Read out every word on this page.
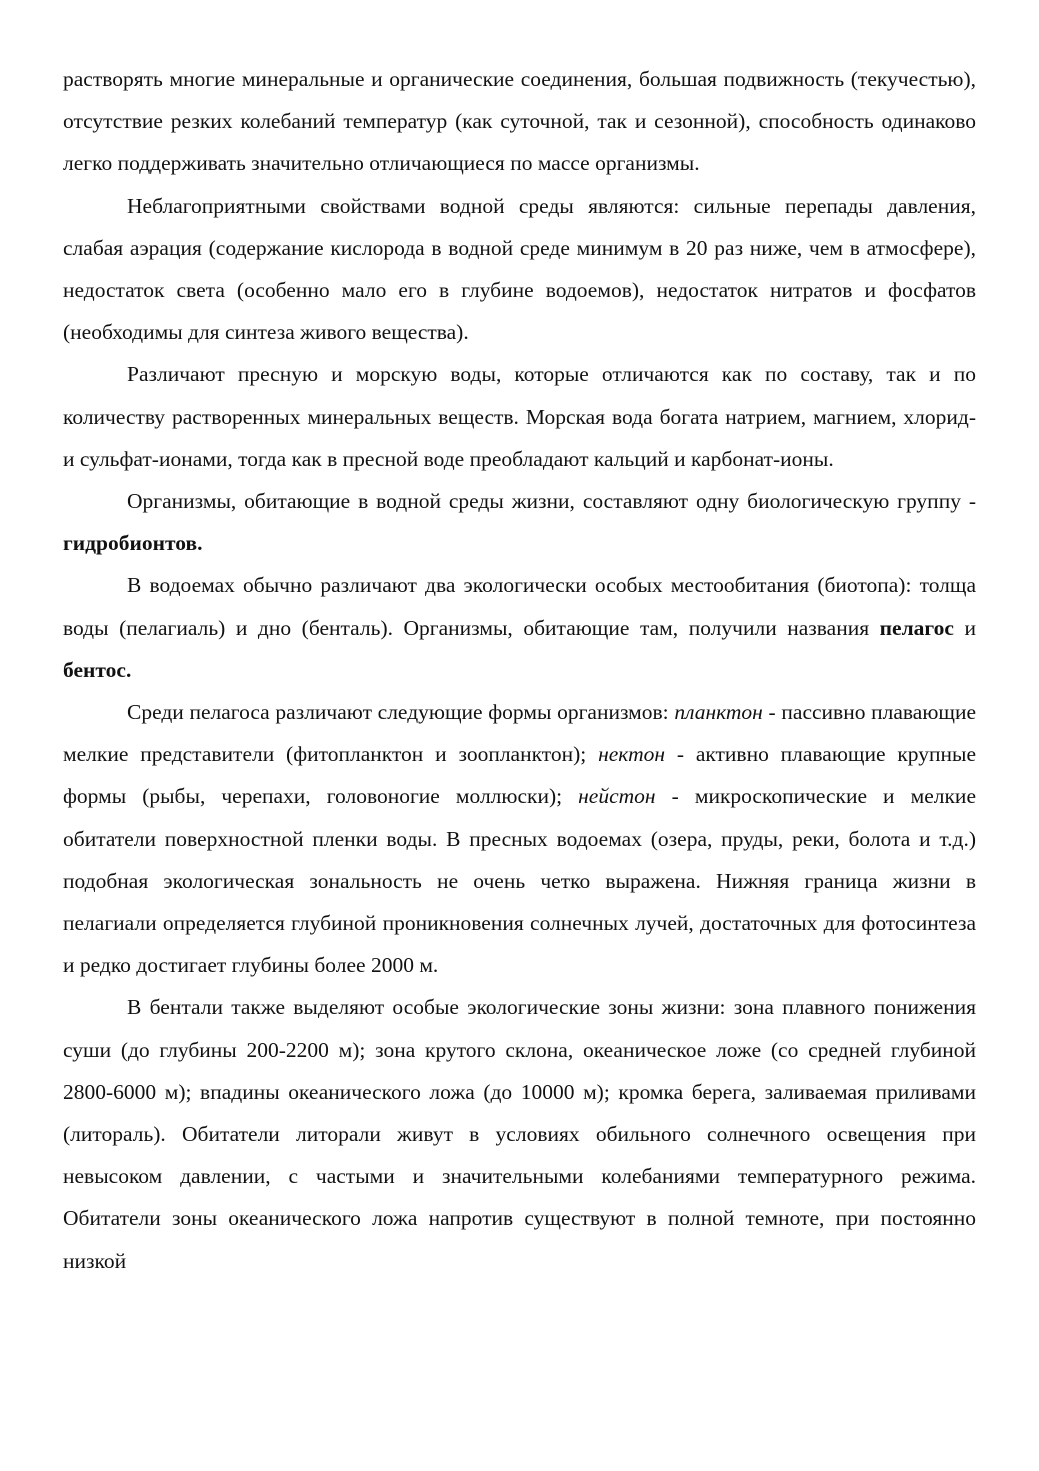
растворять многие минеральные и органические соединения, большая подвижность (текучестью), отсутствие резких колебаний температур (как суточной, так и сезонной), способность одинаково легко поддерживать значительно отличающиеся по массе организмы.

Неблагоприятными свойствами водной среды являются: сильные перепады давления, слабая аэрация (содержание кислорода в водной среде минимум в 20 раз ниже, чем в атмосфере), недостаток света (особенно мало его в глубине водоемов), недостаток нитратов и фосфатов (необходимы для синтеза живого вещества).

Различают пресную и морскую воды, которые отличаются как по составу, так и по количеству растворенных минеральных веществ. Морская вода богата натрием, магнием, хлорид- и сульфат-ионами, тогда как в пресной воде преобладают кальций и карбонат-ионы.

Организмы, обитающие в водной среды жизни, составляют одну биологическую группу - гидробионтов.

В водоемах обычно различают два экологически особых местообитания (биотопа): толща воды (пелагиаль) и дно (бенталь). Организмы, обитающие там, получили названия пелагос и бентос.

Среди пелагоса различают следующие формы организмов: планктон - пассивно плавающие мелкие представители (фитопланктон и зоопланктон); нектон - активно плавающие крупные формы (рыбы, черепахи, головоногие моллюски); нейстон - микроскопические и мелкие обитатели поверхностной пленки воды. В пресных водоемах (озера, пруды, реки, болота и т.д.) подобная экологическая зональность не очень четко выражена. Нижняя граница жизни в пелагиали определяется глубиной проникновения солнечных лучей, достаточных для фотосинтеза и редко достигает глубины более 2000 м.

В бентали также выделяют особые экологические зоны жизни: зона плавного понижения суши (до глубины 200-2200 м); зона крутого склона, океаническое ложе (со средней глубиной 2800-6000 м); впадины океанического ложа (до 10000 м); кромка берега, заливаемая приливами (литораль). Обитатели литорали живут в условиях обильного солнечного освещения при невысоком давлении, с частыми и значительными колебаниями температурного режима. Обитатели зоны океанического ложа напротив существуют в полной темноте, при постоянно низкой
